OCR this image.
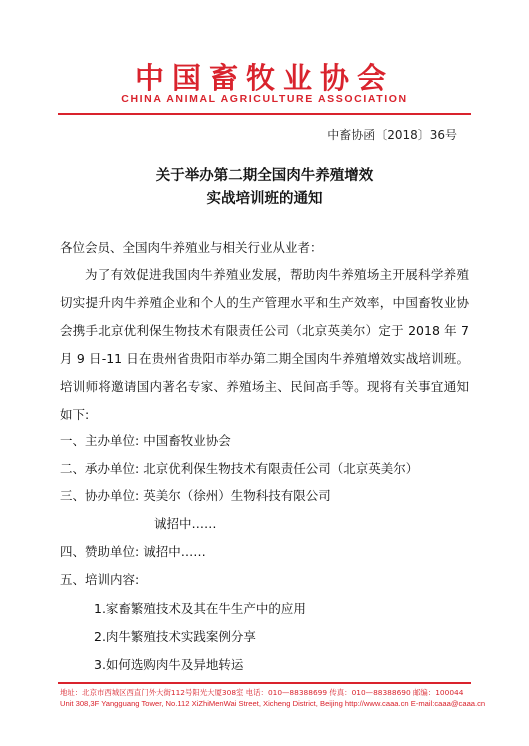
中国畜牧业协会
CHINA ANIMAL AGRICULTURE ASSOCIATION
中畜协函〔2018〕36号
关于举办第二期全国肉牛养殖增效
实战培训班的通知
各位会员、全国肉牛养殖业与相关行业从业者：
为了有效促进我国肉牛养殖业发展，帮助肉牛养殖场主开展科学养殖切实提升肉牛养殖企业和个人的生产管理水平和生产效率，中国畜牧业协会携手北京优利保生物技术有限责任公司（北京英美尔）定于 2018 年 7 月 9 日-11 日在贵州省贵阳市举办第二期全国肉牛养殖增效实战培训班。培训师将邀请国内著名专家、养殖场主、民间高手等。现将有关事宜通知如下:
一、主办单位: 中国畜牧业协会
二、承办单位: 北京优利保生物技术有限责任公司（北京英美尔）
三、协办单位: 英美尔（徐州）生物科技有限公司
诚招中……
四、赞助单位: 诚招中……
五、培训内容:
1.家畜繁殖技术及其在牛生产中的应用
2.肉牛繁殖技术实践案例分享
3.如何选购肉牛及异地转运
地址：北京市西城区西直门外大街112号阳光大厦308室 电话：010—88388699 传真：010—88388690 邮编：100044
Unit 308,3F Yangguang Tower, No.112 XiZhiMenWai Street, Xicheng District, Beijing http://www.caaa.cn E-mail:caaa@caaa.cn
